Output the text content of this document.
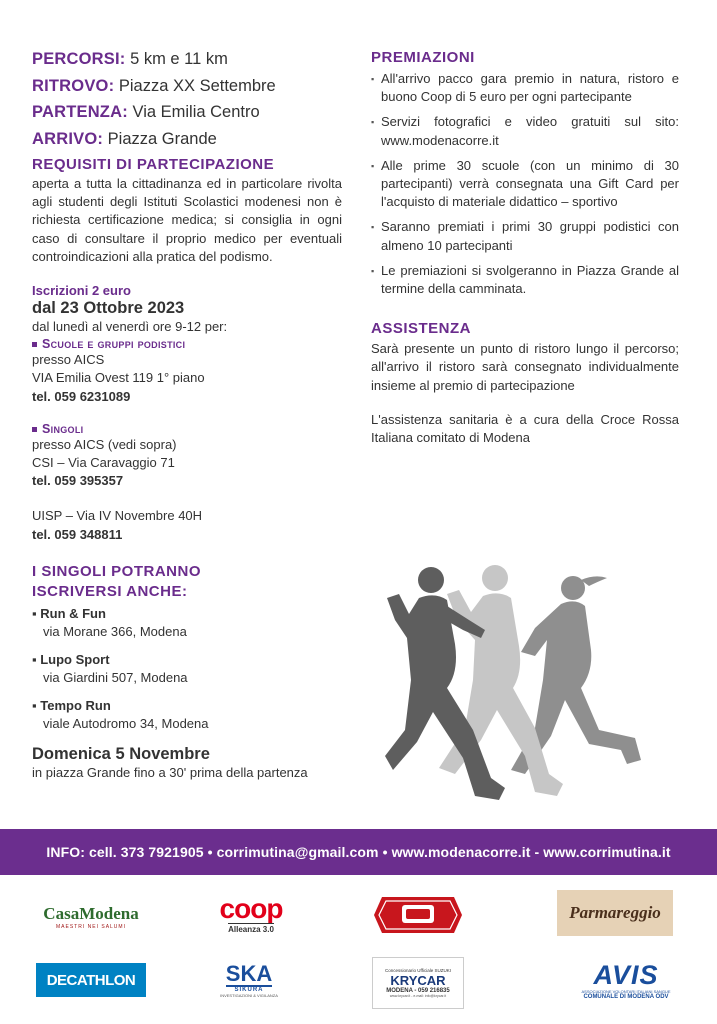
PERCORSI: 5 km e 11 km
RITROVO: Piazza XX Settembre
PARTENZA: Via Emilia Centro
ARRIVO: Piazza Grande
REQUISITI DI PARTECIPAZIONE

aperta a tutta la cittadinanza ed in particolare rivolta agli studenti degli Istituti Scolastici modenesi non è richiesta certificazione medica; si consiglia in ogni caso di consultare il proprio medico per eventuali controindicazioni alla pratica del podismo.

Iscrizioni 2 euro
dal 23 Ottobre 2023
dal lunedì al venerdì ore 9-12 per:
Scuole e gruppi podistici
presso AICS
VIA Emilia Ovest 119 1° piano
tel. 059 6231089
Singoli
presso AICS (vedi sopra)
CSI – Via Caravaggio 71
tel. 059 395357
UISP – Via IV Novembre 40H
tel. 059 348811
I SINGOLI POTRANNO
ISCRIVERSI ANCHE:
▪ Run & Fun
via Morane 366, Modena
▪ Lupo Sport
via Giardini 507, Modena
▪ Tempo Run
viale Autodromo 34, Modena
Domenica 5 Novembre
in piazza Grande fino a 30' prima della partenza
PREMIAZIONI
▪ All'arrivo pacco gara premio in natura, ristoro e buono Coop di 5 euro per ogni partecipante
▪ Servizi fotografici e video gratuiti sul sito: www.modenacorre.it
▪ Alle prime 30 scuole (con un minimo di 30 partecipanti) verrà consegnata una Gift Card per l'acquisto di materiale didattico – sportivo
▪ Saranno premiati i primi 30 gruppi podistici con almeno 10 partecipanti
▪ Le premiazioni si svolgeranno in Piazza Grande al termine della camminata.
ASSISTENZA

Sarà presente un punto di ristoro lungo il percorso; all'arrivo il ristoro sarà consegnato individualmente insieme al premio di partecipazione

L'assistenza sanitaria è a cura della Croce Rossa Italiana comitato di Modena

INFO: cell. 373 7921905 • corrimutina@gmail.com • www.modenacorre.it - www.corrimutina.it
CasaModena
MAESTRI NEI SALUMI
coop
Alleanza 3.0
415 · 578952
Parmareggio
DECATHLON	SKA
SIKURA
INVESTIGAZIONI & VIGILANZA
Concessionario Ufficiale SUZUKI
KRYCAR
MODENA - 059 216835
www.krycar.it - e-mail: info@krycar.it
AVIS
ASSOCIAZIONE VOLONTARI ITALIANI SANGUE
COMUNALE DI MODENA ODV
